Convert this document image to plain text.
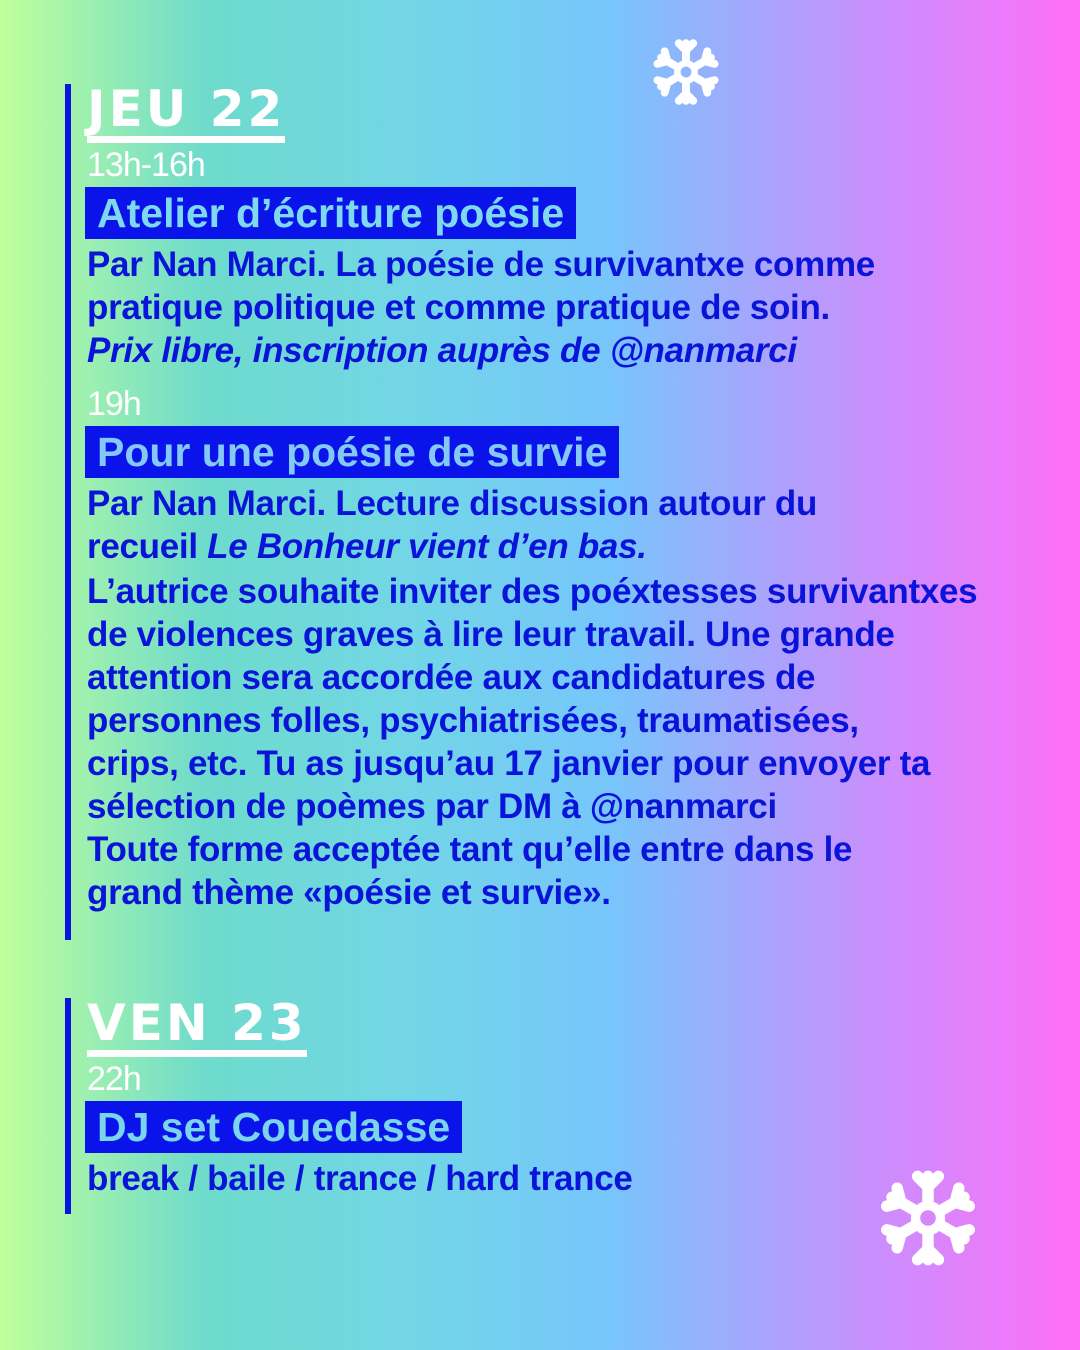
JEU 22
13h-16h
Atelier d’écriture poésie
Par Nan Marci. La poésie de survivantxe comme
pratique politique et comme pratique de soin.
Prix libre, inscription auprès de @nanmarci
19h
Pour une poésie de survie
Par Nan Marci. Lecture discussion autour du
recueil Le Bonheur vient d’en bas.
L’autrice souhaite inviter des poéxtesses survivantxes
de violences graves à lire leur travail. Une grande
attention sera accordée aux candidatures de
personnes folles, psychiatrisées, traumatisées,
crips, etc. Tu as jusqu’au 17 janvier pour envoyer ta
sélection de poèmes par DM à @nanmarci
Toute forme acceptée tant qu’elle entre dans le
grand thème «poésie et survie».
VEN 23
22h
DJ set Couedasse
break / baile / trance / hard trance
